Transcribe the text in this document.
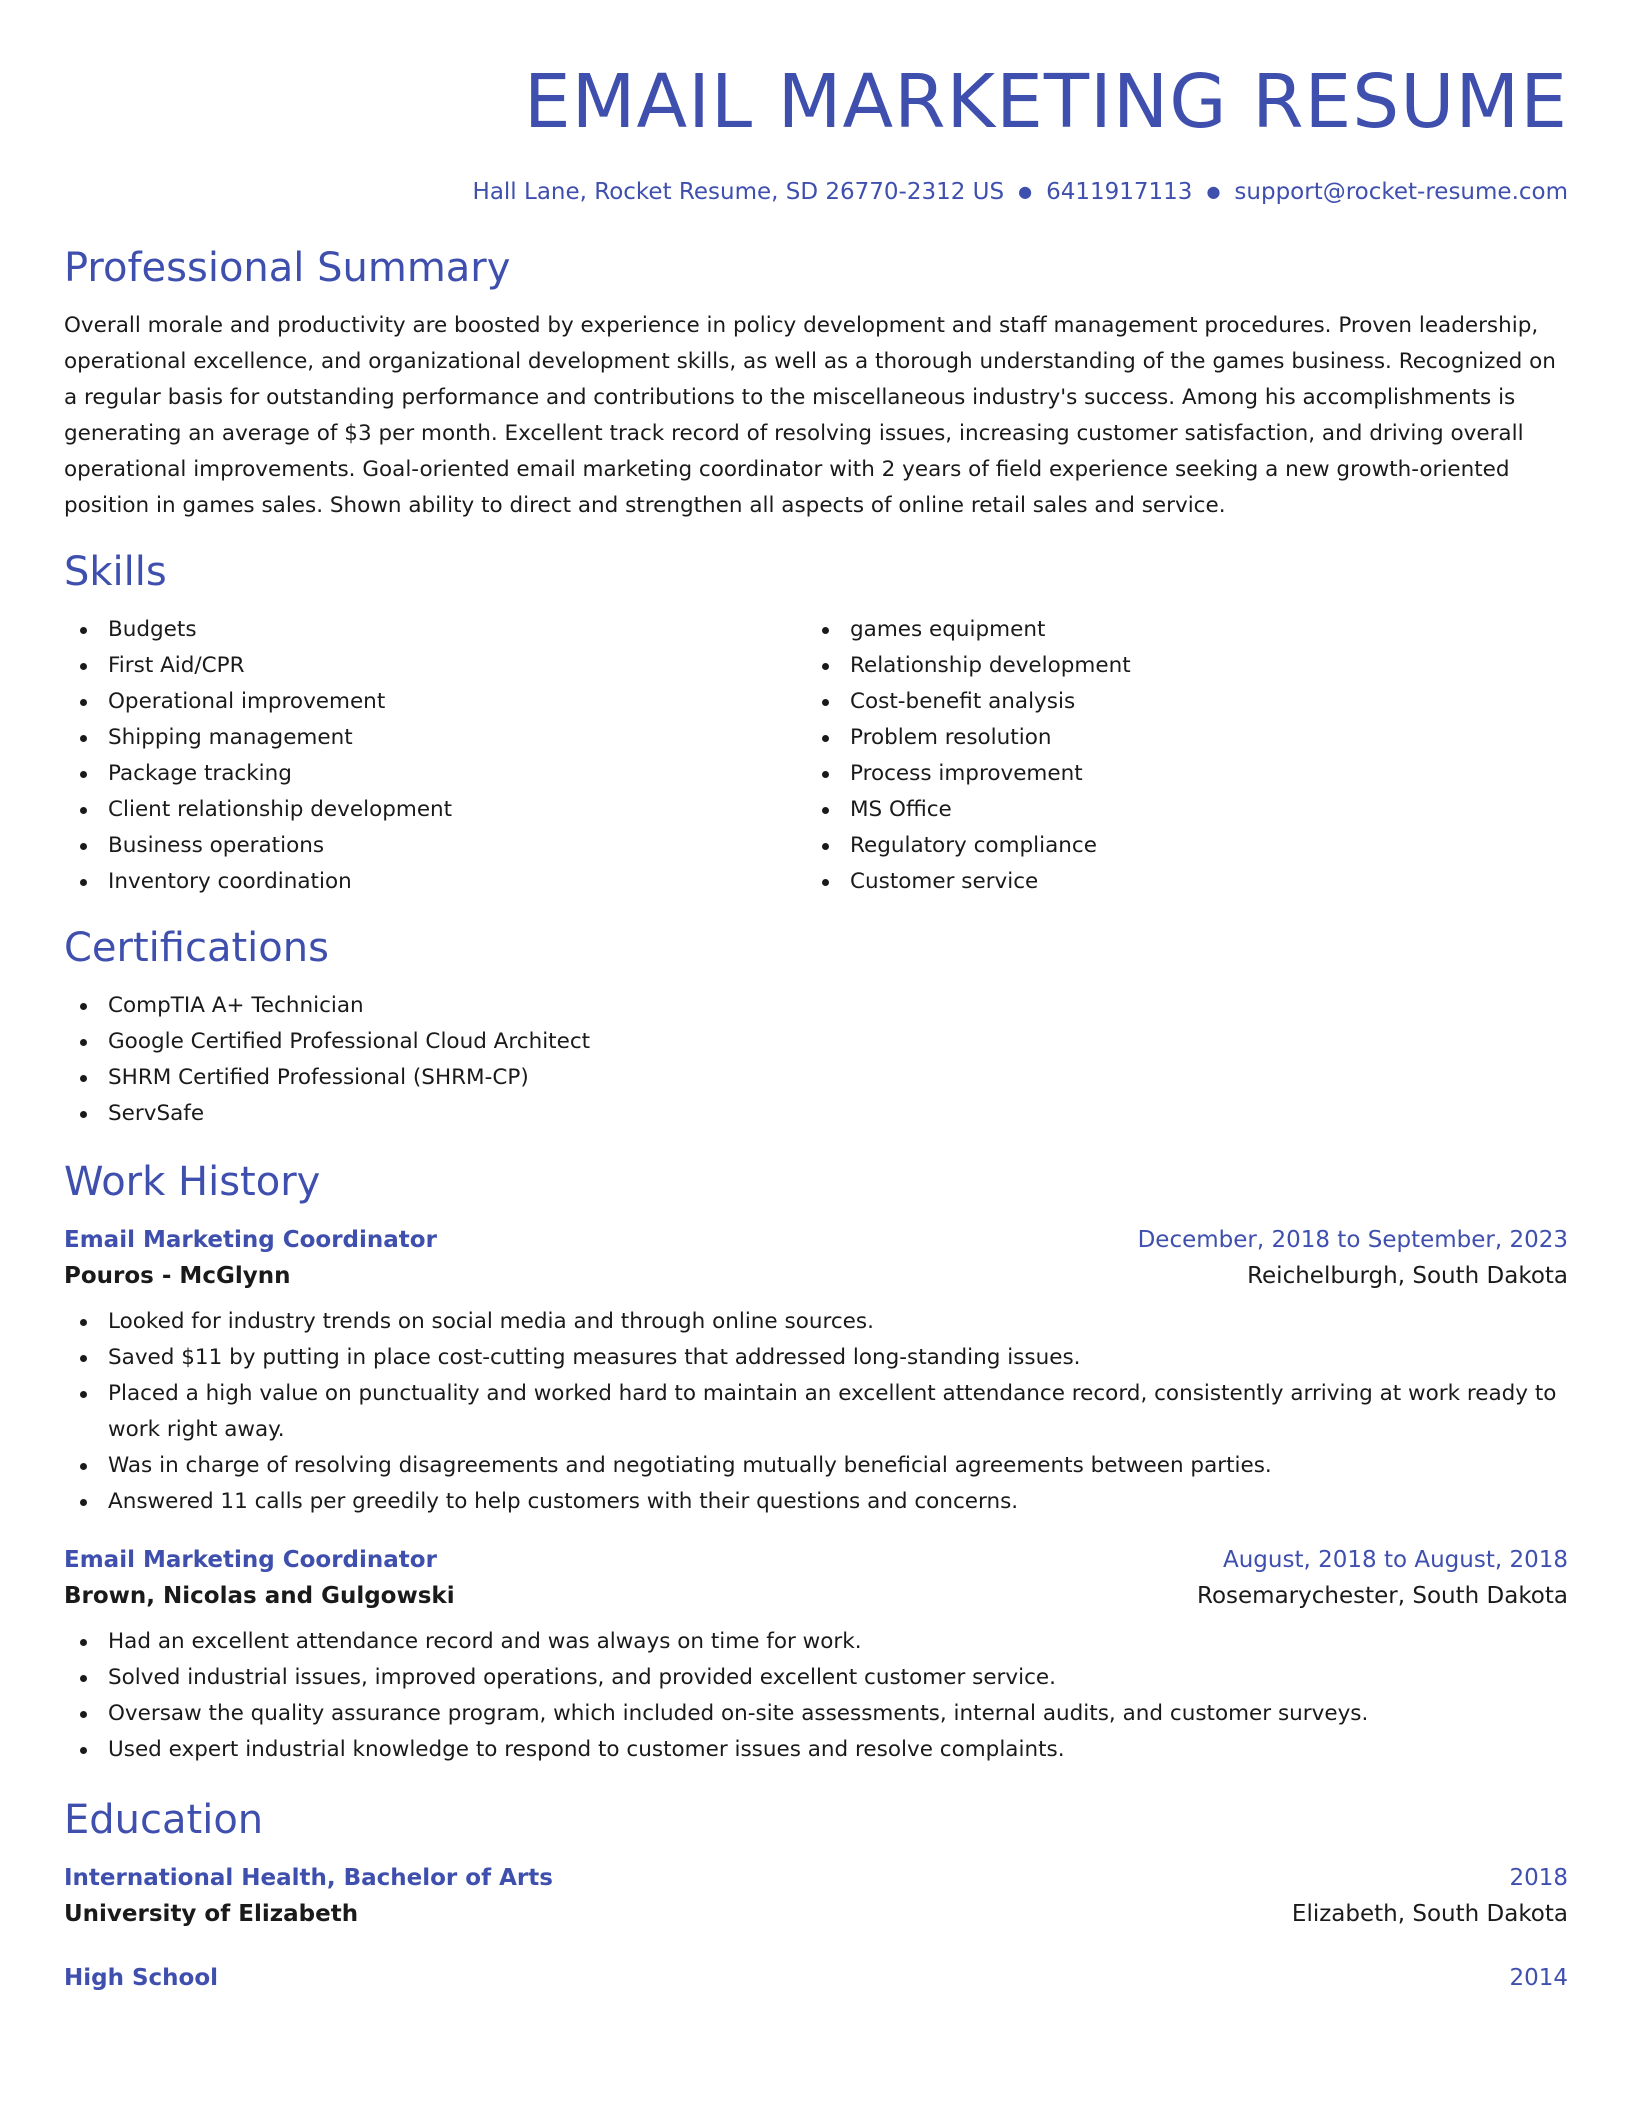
EMAIL MARKETING RESUME
Hall Lane, Rocket Resume, SD 26770-2312 US ● 6411917113 ● support@rocket-resume.com
Professional Summary

Overall morale and productivity are boosted by experience in policy development and staff management procedures. Proven leadership, operational excellence, and organizational development skills, as well as a thorough understanding of the games business. Recognized on a regular basis for outstanding performance and contributions to the miscellaneous industry's success. Among his accomplishments is generating an average of $3 per month. Excellent track record of resolving issues, increasing customer satisfaction, and driving overall operational improvements. Goal-oriented email marketing coordinator with 2 years of field experience seeking a new growth-oriented position in games sales. Shown ability to direct and strengthen all aspects of online retail sales and service.

Skills
Budgets
First Aid/CPR
Operational improvement
Shipping management
Package tracking
Client relationship development
Business operations
Inventory coordination
games equipment
Relationship development
Cost-benefit analysis
Problem resolution
Process improvement
MS Office
Regulatory compliance
Customer service
Certifications
CompTIA A+ Technician
Google Certified Professional Cloud Architect
SHRM Certified Professional (SHRM-CP)
ServSafe
Work History
Email Marketing Coordinator	December, 2018 to September, 2023
Pouros - McGlynn	Reichelburgh, South Dakota
Looked for industry trends on social media and through online sources.
Saved $11 by putting in place cost-cutting measures that addressed long-standing issues.
Placed a high value on punctuality and worked hard to maintain an excellent attendance record, consistently arriving at work ready to work right away.
Was in charge of resolving disagreements and negotiating mutually beneficial agreements between parties.
Answered 11 calls per greedily to help customers with their questions and concerns.
Email Marketing Coordinator	August, 2018 to August, 2018
Brown, Nicolas and Gulgowski	Rosemarychester, South Dakota
Had an excellent attendance record and was always on time for work.
Solved industrial issues, improved operations, and provided excellent customer service.
Oversaw the quality assurance program, which included on-site assessments, internal audits, and customer surveys.
Used expert industrial knowledge to respond to customer issues and resolve complaints.
Education
International Health, Bachelor of Arts	2018
University of Elizabeth	Elizabeth, South Dakota
High School	2014
